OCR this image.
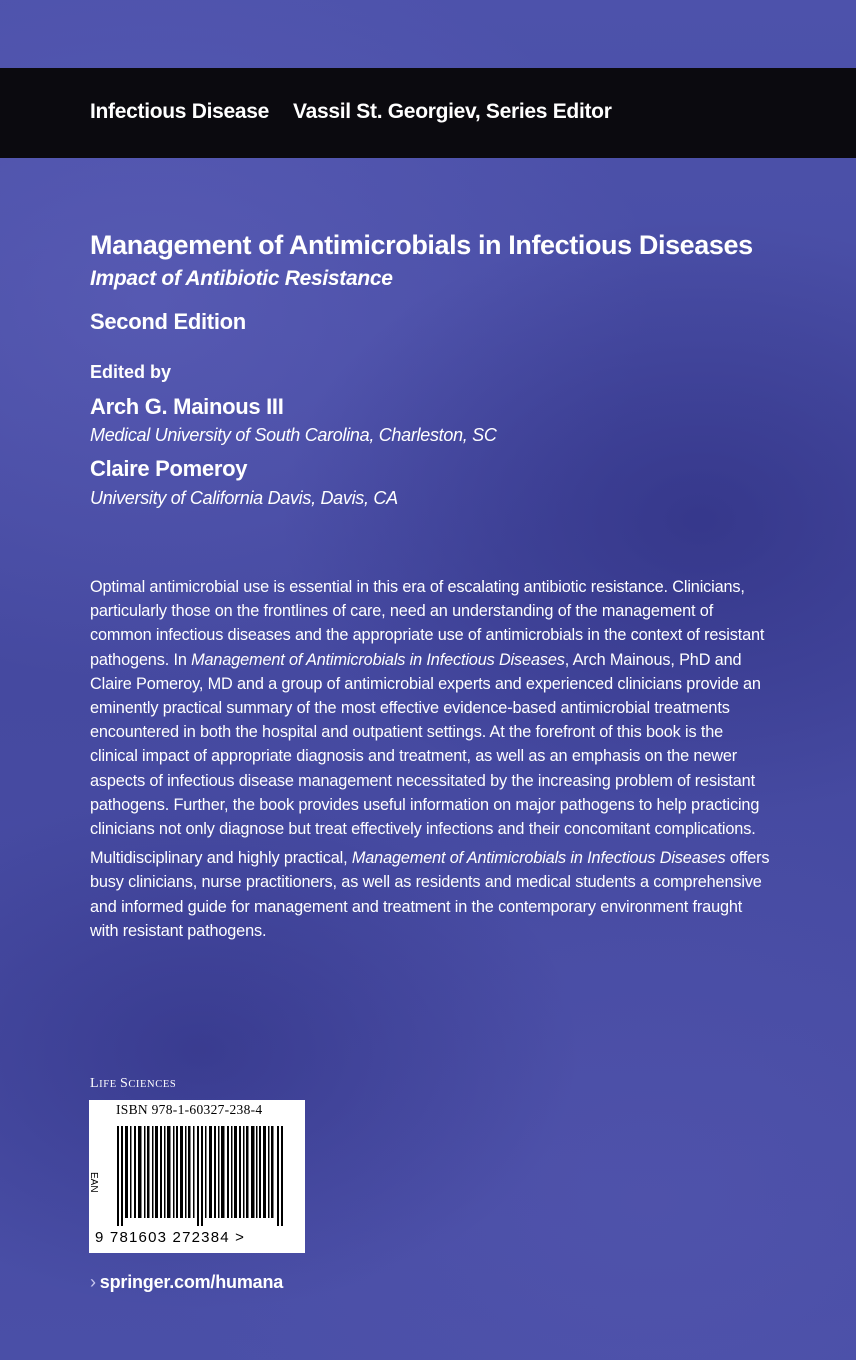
Infectious Disease Vassil St. Georgiev, Series Editor
Management of Antimicrobials in Infectious Diseases
Impact of Antibiotic Resistance
Second Edition
Edited by
Arch G. Mainous III
Medical University of South Carolina, Charleston, SC
Claire Pomeroy
University of California Davis, Davis, CA

Optimal antimicrobial use is essential in this era of escalating antibiotic resistance. Clinicians, particularly those on the frontlines of care, need an understanding of the management of common infectious diseases and the appropriate use of antimicrobials in the context of resistant pathogens. In Management of Antimicrobials in Infectious Diseases, Arch Mainous, PhD and Claire Pomeroy, MD and a group of antimicrobial experts and experienced clinicians provide an eminently practical summary of the most effective evidence-based antimicrobial treatments encountered in both the hospital and outpatient settings. At the forefront of this book is the clinical impact of appropriate diagnosis and treatment, as well as an emphasis on the newer aspects of infectious disease management necessitated by the increasing problem of resistant pathogens. Further, the book provides useful information on major pathogens to help practicing clinicians not only diagnose but treat effectively infections and their concomitant complications.

Multidisciplinary and highly practical, Management of Antimicrobials in Infectious Diseases offers busy clinicians, nurse practitioners, as well as residents and medical students a comprehensive and informed guide for management and treatment in the contemporary environment fraught with resistant pathogens.

LIFE SCIENCES
ISBN 978-1-60327-238-4
EAN
9 781603 272384 >
› springer.com/humana
